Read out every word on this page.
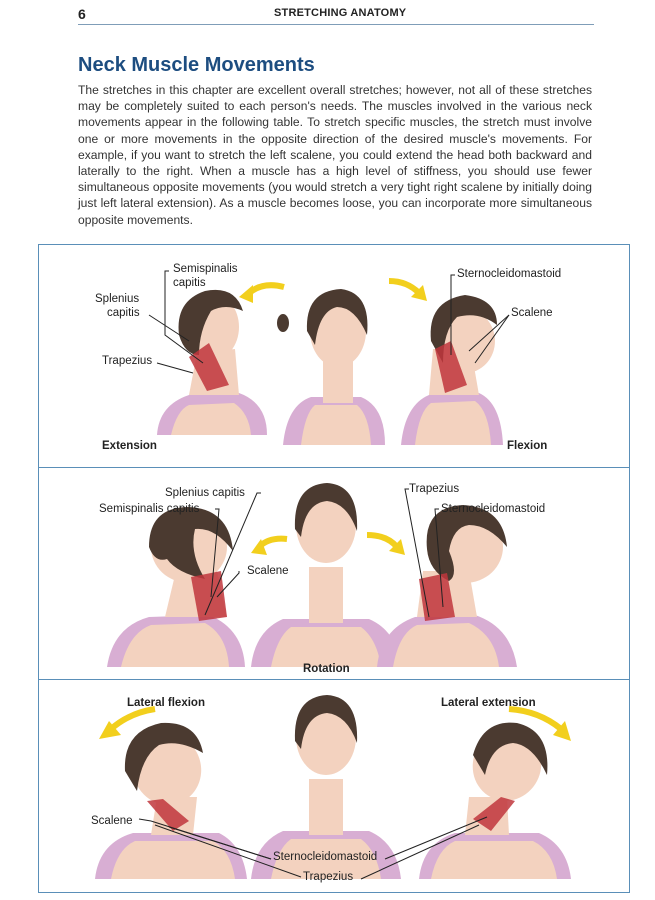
6	STRETCHING ANATOMY
Neck Muscle Movements

The stretches in this chapter are excellent overall stretches; however, not all of these stretches may be completely suited to each person's needs. The muscles involved in the various neck movements appear in the following table. To stretch specific muscles, the stretch must involve one or more movements in the opposite direction of the desired muscle's movements. For example, if you want to stretch the left scalene, you could extend the head both backward and laterally to the right. When a muscle has a high level of stiffness, you should use fewer simultaneous opposite movements (you would stretch a very tight right scalene by initially doing just left lateral extension). As a muscle becomes loose, you can incorporate more simultaneous opposite movements.

Semispinalis
capitis
Splenius
capitis
Trapezius
Sternocleidomastoid
Scalene
Extension	Flexion
Splenius capitis
Semispinalis capitis
Scalene
Trapezius
Sternocleidomastoid
Rotation
Lateral flexion	Lateral extension
Scalene
Sternocleidomastoid
Trapezius
